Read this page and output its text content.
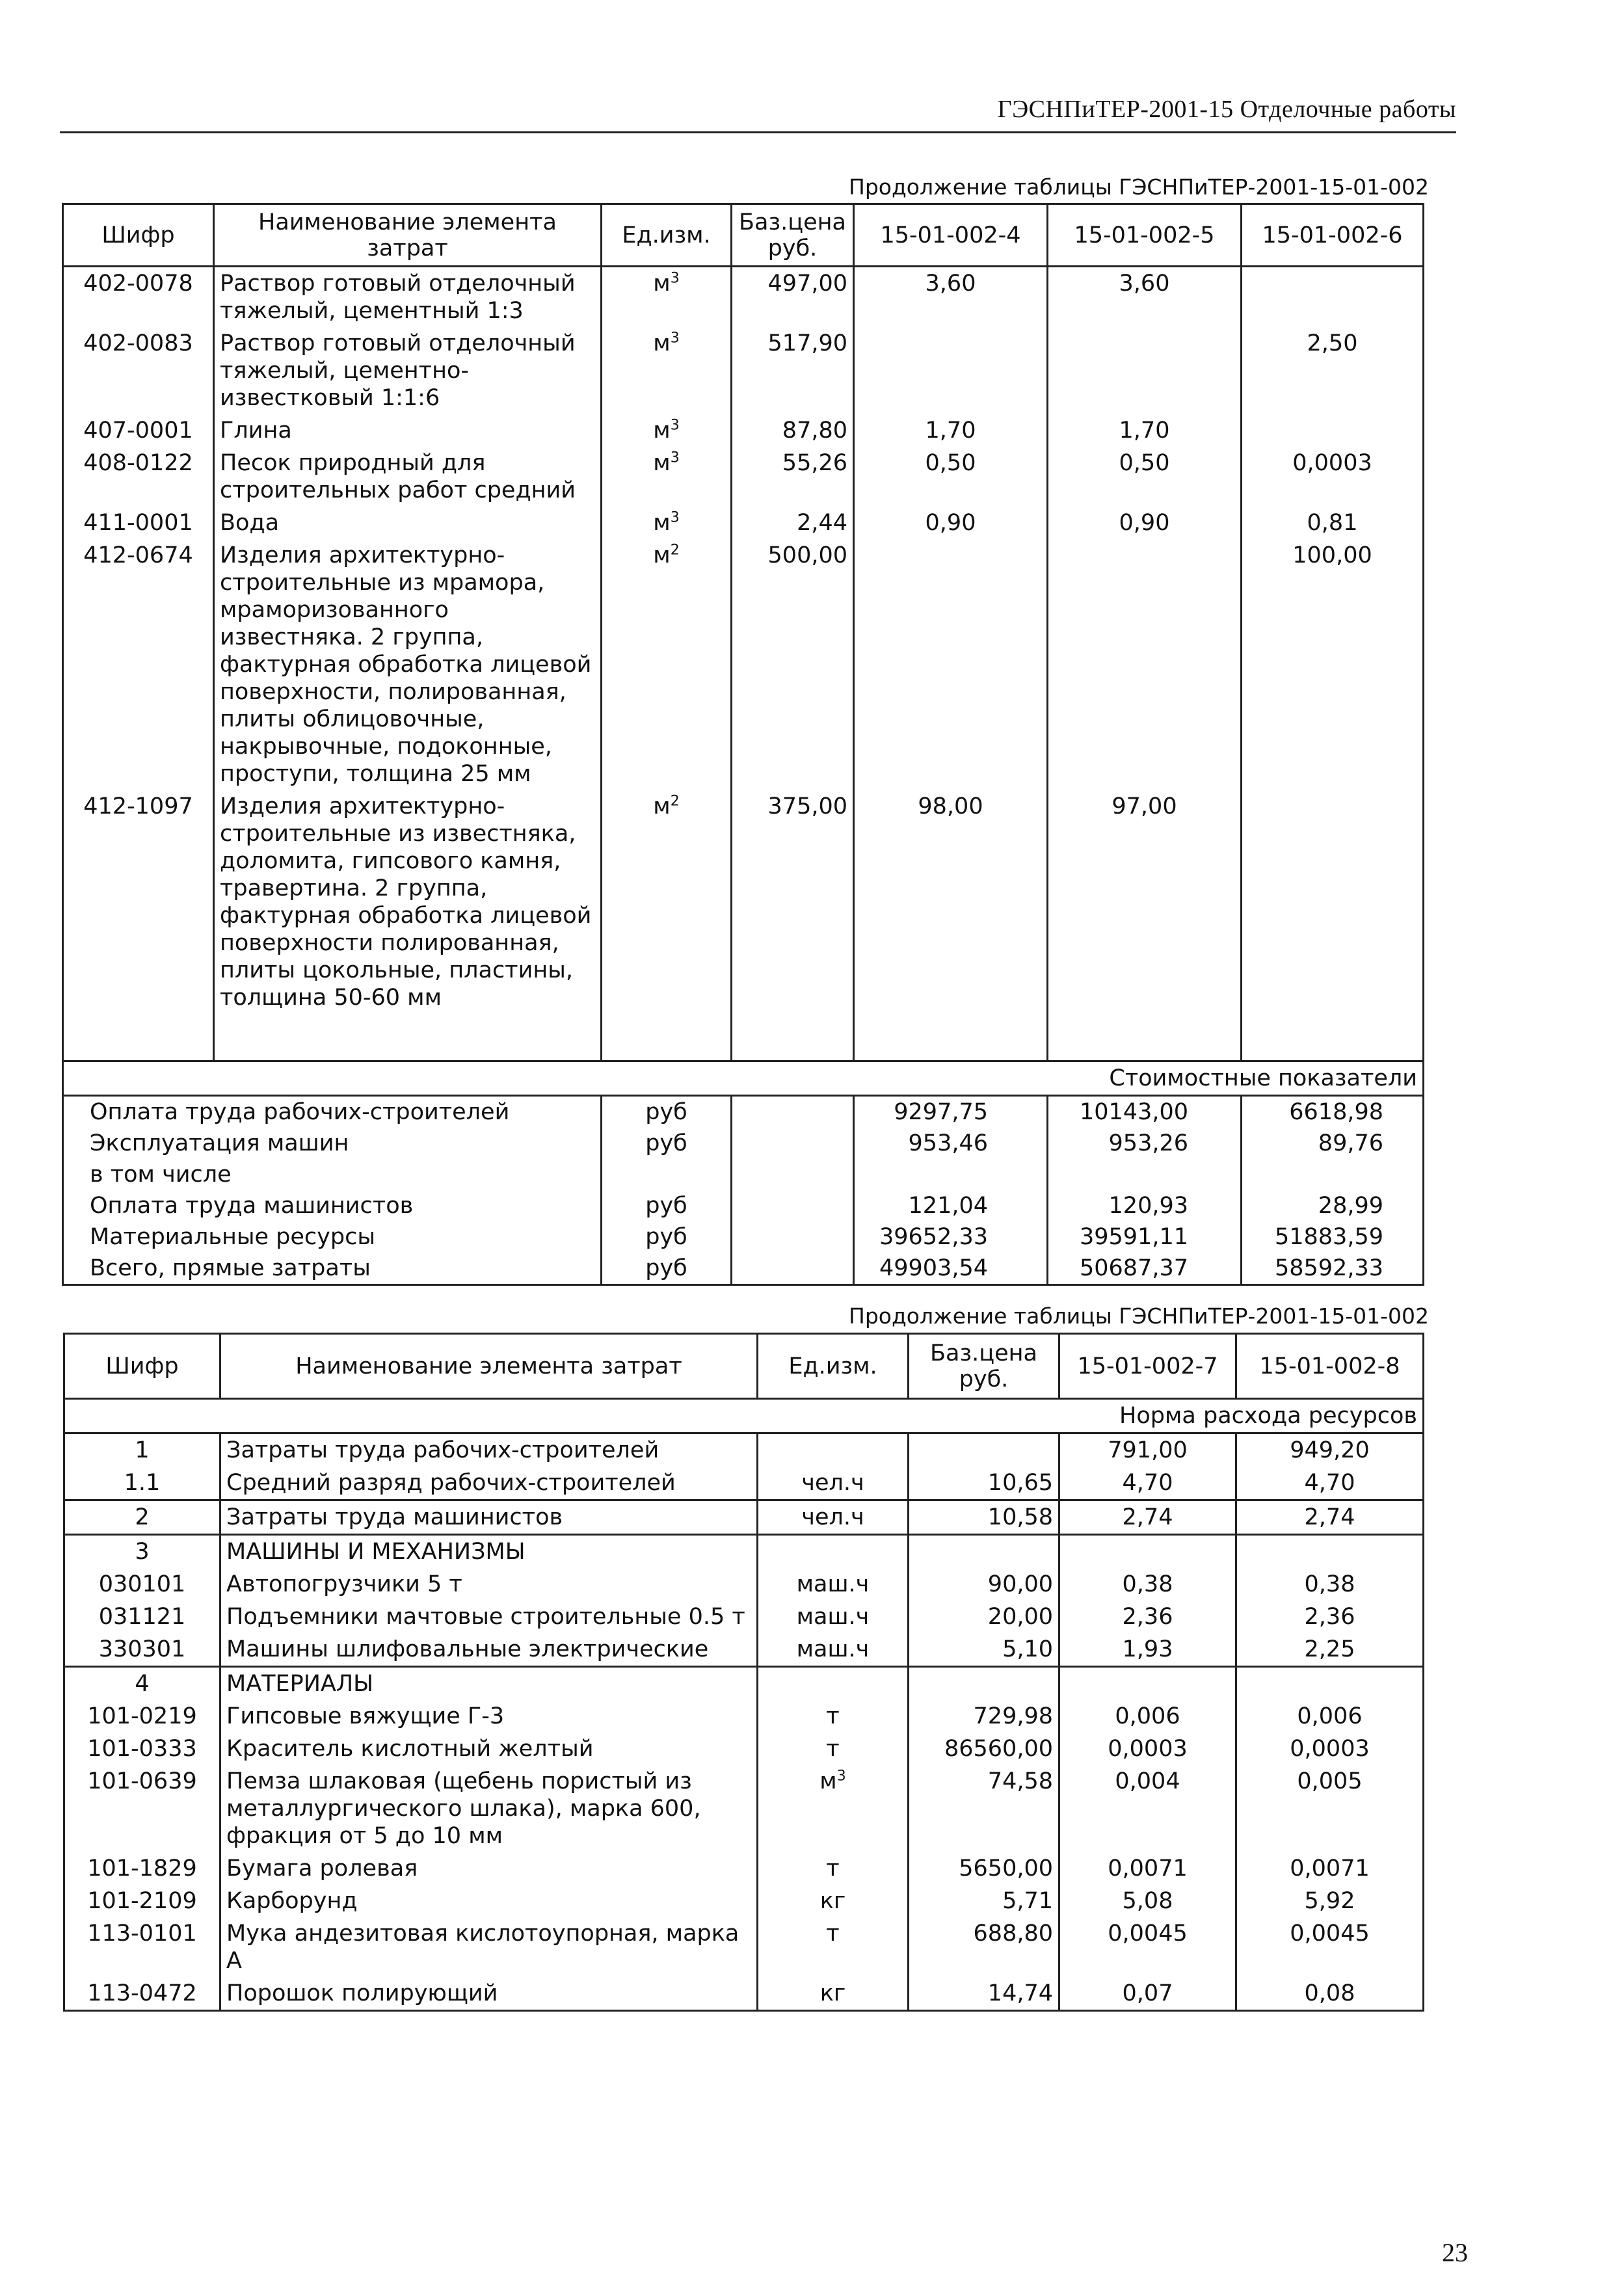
ГЭСНПиТЕР-2001-15 Отделочные работы
Продолжение таблицы ГЭСНПиТЕР-2001-15-01-002
Шифр	Наименование элемента затрат	Ед.изм.	Баз.цена руб.	15-01-002-4	15-01-002-5	15-01-002-6
402-0078	Раствор готовый отделочный тяжелый, цементный 1:3	$м^3$	497,00	3,60	3,60	
402-0083	Раствор готовый отделочный тяжелый, цементно-известковый 1:1:6	$м^3$	517,90			2,50
407-0001	Глина	$м^3$	87,80	1,70	1,70	
408-0122	Песок природный для строительных работ средний	$м^3$	55,26	0,50	0,50	0,0003
411-0001	Вода	$м^3$	2,44	0,90	0,90	0,81
412-0674	Изделия архитектурно-строительные из мрамора, мраморизованного известняка. 2 группа, фактурная обработка лицевой поверхности, полированная, плиты облицовочные, накрывочные, подоконные, проступи, толщина 25 мм	$м^2$	500,00			100,00
412-1097	Изделия архитектурно-строительные из известняка, доломита, гипсового камня, травертина. 2 группа, фактурная обработка лицевой поверхности полированная, плиты цокольные, пластины, толщина 50-60 мм	$м^2$	375,00	98,00	97,00	

Стоимостные показатели						
Оплата труда рабочих-строителей		руб		9297,75	10143,00	6618,98
Эксплуатация машин		руб		953,46	953,26	89,76
в том числе						
Оплата труда машинистов		руб		121,04	120,93	28,99
Материальные ресурсы		руб		39652,33	39591,11	51883,59
Всего, прямые затраты		руб		49903,54	50687,37	58592,33
Продолжение таблицы ГЭСНПиТЕР-2001-15-01-002
Шифр	Наименование элемента затрат	Ед.изм.	Баз.цена руб.	15-01-002-7	15-01-002-8
Норма расхода ресурсов					
1	Затраты труда рабочих-строителей			791,00	949,20
1.1	Средний разряд рабочих-строителей	чел.ч	10,65	4,70	4,70
2	Затраты труда машинистов	чел.ч	10,58	2,74	2,74
3	МАШИНЫ И МЕХАНИЗМЫ				
030101	Автопогрузчики 5 т	маш.ч	90,00	0,38	0,38
031121	Подъемники мачтовые строительные 0.5 т	маш.ч	20,00	2,36	2,36
330301	Машины шлифовальные электрические	маш.ч	5,10	1,93	2,25
4	МАТЕРИАЛЫ				
101-0219	Гипсовые вяжущие Г-3	т	729,98	0,006	0,006
101-0333	Краситель кислотный желтый	т	86560,00	0,0003	0,0003
101-0639	Пемза шлаковая (щебень пористый из металлургического шлака), марка 600, фракция от 5 до 10 мм	$м^3$	74,58	0,004	0,005
101-1829	Бумага ролевая	т	5650,00	0,0071	0,0071
101-2109	Карборунд	кг	5,71	5,08	5,92
113-0101	Мука андезитовая кислотоупорная, марка А	т	688,80	0,0045	0,0045
113-0472	Порошок полирующий	кг	14,74	0,07	0,08
23
